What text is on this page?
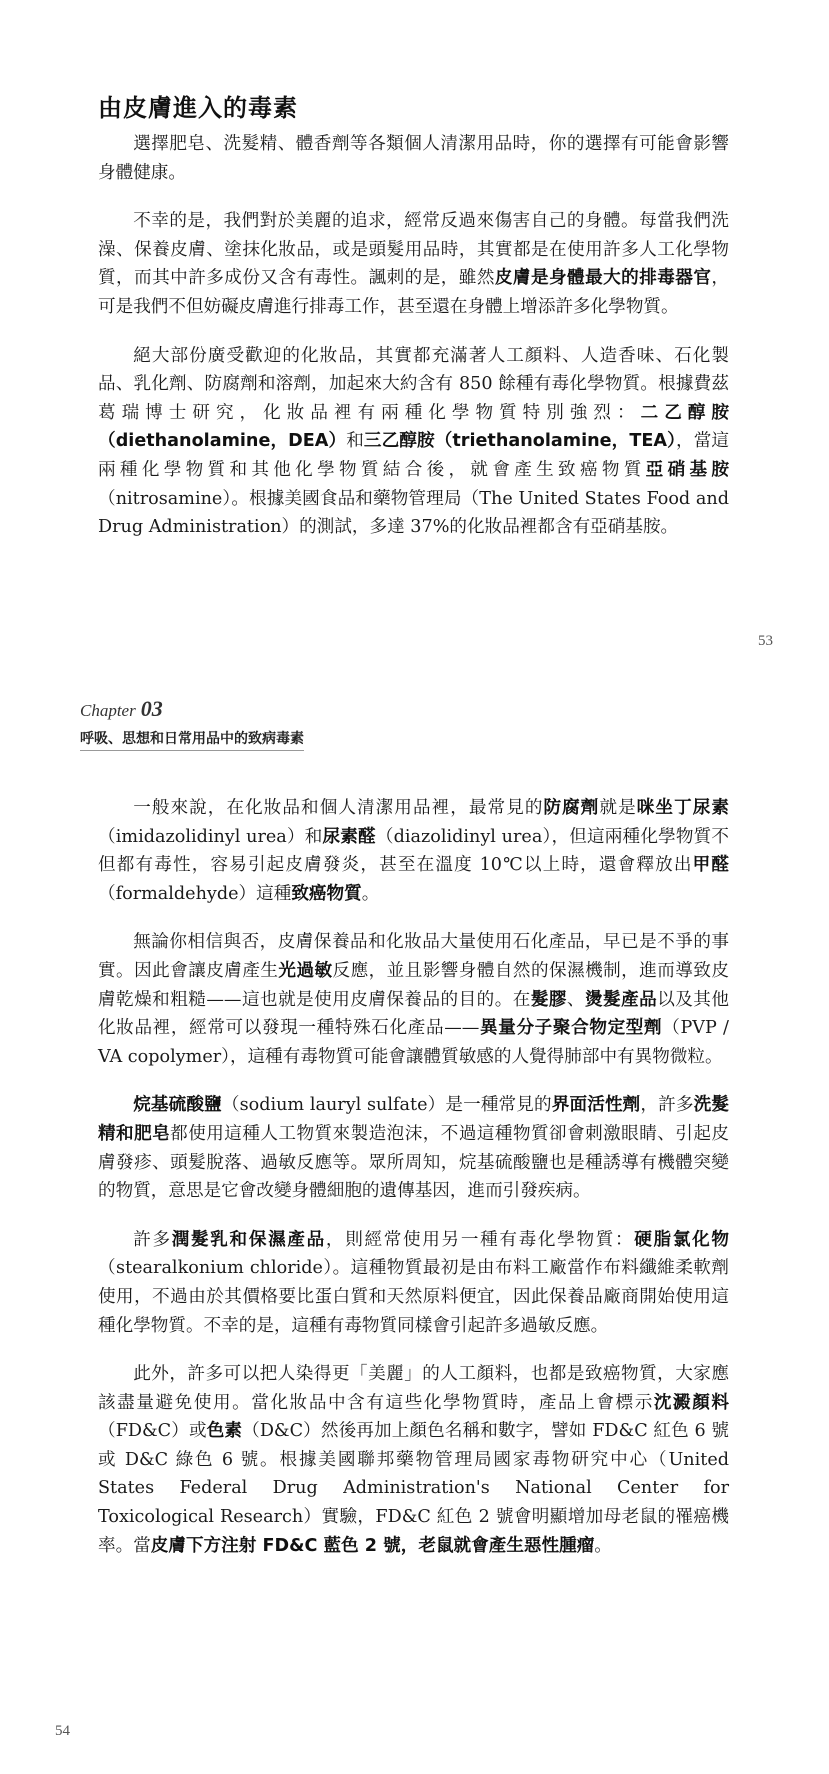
由皮膚進入的毒素

選擇肥皂、洗髮精、體香劑等各類個人清潔用品時，你的選擇有可能會影響身體健康。

不幸的是，我們對於美麗的追求，經常反過來傷害自己的身體。每當我們洗澡、保養皮膚、塗抹化妝品，或是頭髮用品時，其實都是在使用許多人工化學物質，而其中許多成份又含有毒性。諷刺的是，雖然皮膚是身體最大的排毒器官，可是我們不但妨礙皮膚進行排毒工作，甚至還在身體上增添許多化學物質。

絕大部份廣受歡迎的化妝品，其實都充滿著人工顏料、人造香味、石化製品、乳化劑、防腐劑和溶劑，加起來大約含有 850 餘種有毒化學物質。根據費茲葛瑞博士研究，化妝品裡有兩種化學物質特別強烈：二乙醇胺（diethanolamine，DEA）和三乙醇胺（triethanolamine，TEA），當這兩種化學物質和其他化學物質結合後，就會產生致癌物質亞硝基胺（nitrosamine）。根據美國食品和藥物管理局（The United States Food and Drug Administration）的測試，多達 37%的化妝品裡都含有亞硝基胺。

53
Chapter 03
呼吸、思想和日常用品中的致病毒素

一般來說，在化妝品和個人清潔用品裡，最常見的防腐劑就是咪坐丁尿素（imidazolidinyl urea）和尿素醛（diazolidinyl urea），但這兩種化學物質不但都有毒性，容易引起皮膚發炎，甚至在溫度 10℃以上時，還會釋放出甲醛（formaldehyde）這種致癌物質。

無論你相信與否，皮膚保養品和化妝品大量使用石化產品，早已是不爭的事實。因此會讓皮膚產生光過敏反應，並且影響身體自然的保濕機制，進而導致皮膚乾燥和粗糙——這也就是使用皮膚保養品的目的。在髮膠、燙髮產品以及其他化妝品裡，經常可以發現一種特殊石化產品——異量分子聚合物定型劑（PVP / VA copolymer），這種有毒物質可能會讓體質敏感的人覺得肺部中有異物微粒。

烷基硫酸鹽（sodium lauryl sulfate）是一種常見的界面活性劑，許多洗髮精和肥皂都使用這種人工物質來製造泡沫，不過這種物質卻會刺激眼睛、引起皮膚發疹、頭髮脫落、過敏反應等。眾所周知，烷基硫酸鹽也是種誘導有機體突變的物質，意思是它會改變身體細胞的遺傳基因，進而引發疾病。

許多潤髮乳和保濕產品，則經常使用另一種有毒化學物質：硬脂氯化物（stearalkonium chloride）。這種物質最初是由布料工廠當作布料纖維柔軟劑使用，不過由於其價格要比蛋白質和天然原料便宜，因此保養品廠商開始使用這種化學物質。不幸的是，這種有毒物質同樣會引起許多過敏反應。

此外，許多可以把人染得更「美麗」的人工顏料，也都是致癌物質，大家應該盡量避免使用。當化妝品中含有這些化學物質時，產品上會標示沈澱顏料（FD&C）或色素（D&C）然後再加上顏色名稱和數字，譬如 FD&C 紅色 6 號或 D&C 綠色 6 號。根據美國聯邦藥物管理局國家毒物研究中心（United States Federal Drug Administration's National Center for Toxicological Research）實驗，FD&C 紅色 2 號會明顯增加母老鼠的罹癌機率。當皮膚下方注射 FD&C 藍色 2 號，老鼠就會產生惡性腫瘤。

54
